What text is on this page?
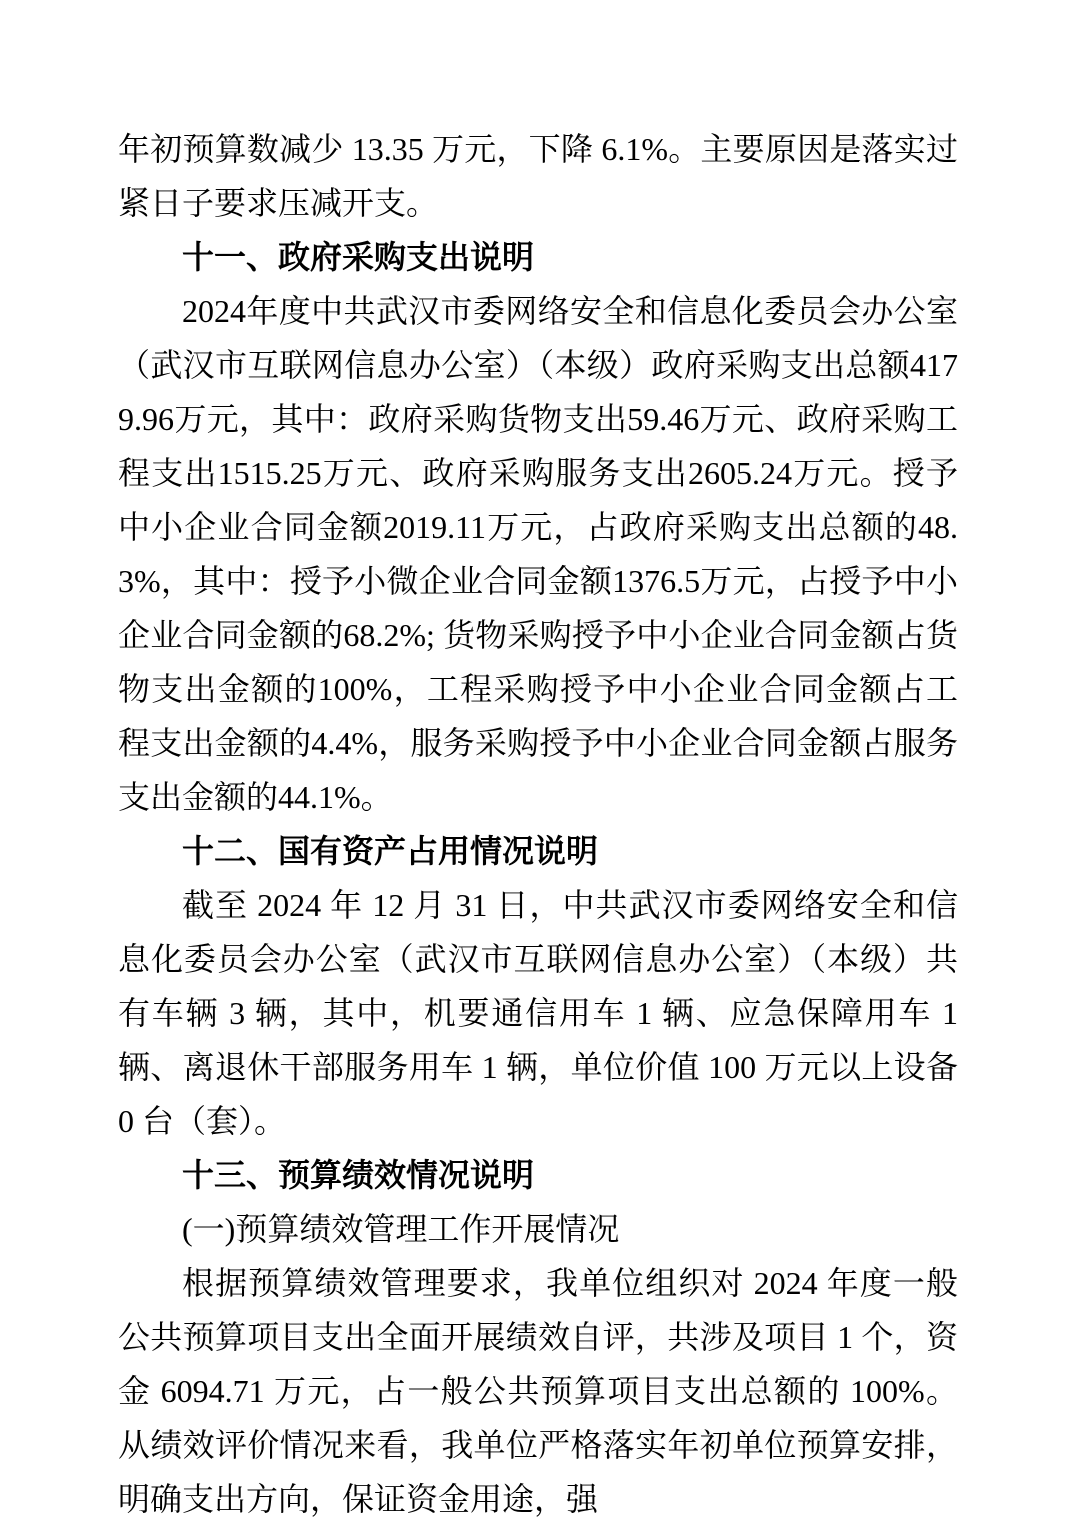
年初预算数减少 13.35 万元，下降 6.1%。主要原因是落实过紧日子要求压减开支。

十一、政府采购支出说明

2024年度中共武汉市委网络安全和信息化委员会办公室（武汉市互联网信息办公室）（本级）政府采购支出总额4179.96万元，其中：政府采购货物支出59.46万元、政府采购工程支出1515.25万元、政府采购服务支出2605.24万元。授予中小企业合同金额2019.11万元，占政府采购支出总额的48.3%，其中：授予小微企业合同金额1376.5万元，占授予中小企业合同金额的68.2%; 货物采购授予中小企业合同金额占货物支出金额的100%，工程采购授予中小企业合同金额占工程支出金额的4.4%，服务采购授予中小企业合同金额占服务支出金额的44.1%。

十二、国有资产占用情况说明

截至 2024 年 12 月 31 日，中共武汉市委网络安全和信息化委员会办公室（武汉市互联网信息办公室）（本级）共有车辆 3 辆，其中，机要通信用车 1 辆、应急保障用车 1 辆、离退休干部服务用车 1 辆，单位价值 100 万元以上设备 0 台（套）。

十三、预算绩效情况说明
(一)预算绩效管理工作开展情况

根据预算绩效管理要求，我单位组织对 2024 年度一般公共预算项目支出全面开展绩效自评，共涉及项目 1 个，资金 6094.71 万元，占一般公共预算项目支出总额的 100%。从绩效评价情况来看，我单位严格落实年初单位预算安排，明确支出方向，保证资金用途，强
